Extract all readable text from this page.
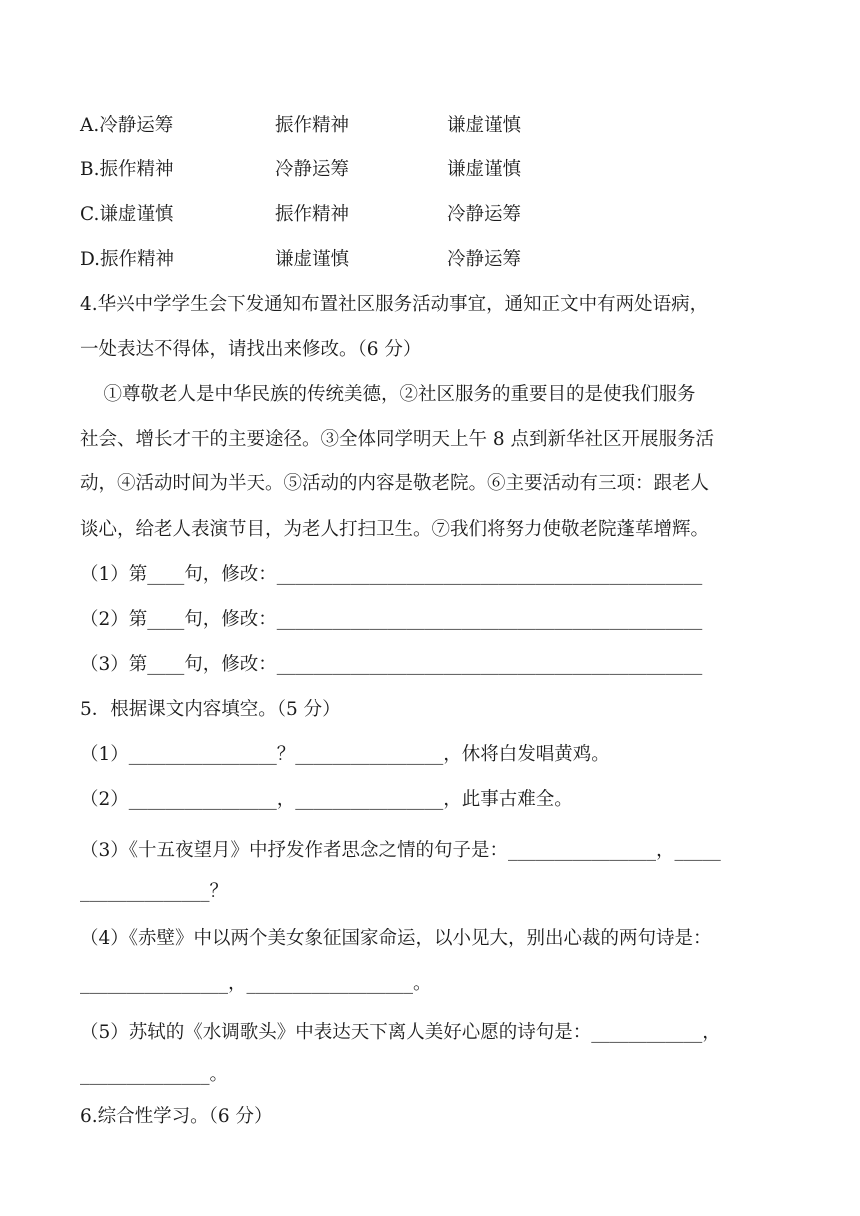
A.冷静运筹	振作精神	谦虚谨慎
B.振作精神	冷静运筹	谦虚谨慎
C.谦虚谨慎	振作精神	冷静运筹
D.振作精神	谦虚谨慎	冷静运筹
4.华兴中学学生会下发通知布置社区服务活动事宜，通知正文中有两处语病，
一处表达不得体，请找出来修改。（6 分）
①尊敬老人是中华民族的传统美德，②社区服务的重要目的是使我们服务
社会、增长才干的主要途径。③全体同学明天上午 8 点到新华社区开展服务活
动，④活动时间为半天。⑤活动的内容是敬老院。⑥主要活动有三项：跟老人
谈心，给老人表演节目，为老人打扫卫生。⑦我们将努力使敬老院蓬荜增辉。
（1）第____句，修改：______________________________________________
（2）第____句，修改：______________________________________________
（3）第____句，修改：______________________________________________
5．根据课文内容填空。（5 分）
（1）________________？________________，休将白发唱黄鸡。
（2）________________，________________，此事古难全。
（3）《十五夜望月》中抒发作者思念之情的句子是：________________，_____
______________？
（4）《赤壁》中以两个美女象征国家命运，以小见大，别出心裁的两句诗是：
________________，__________________。
（5）苏轼的《水调歌头》中表达天下离人美好心愿的诗句是：____________，
______________。
6.综合性学习。（6 分）
